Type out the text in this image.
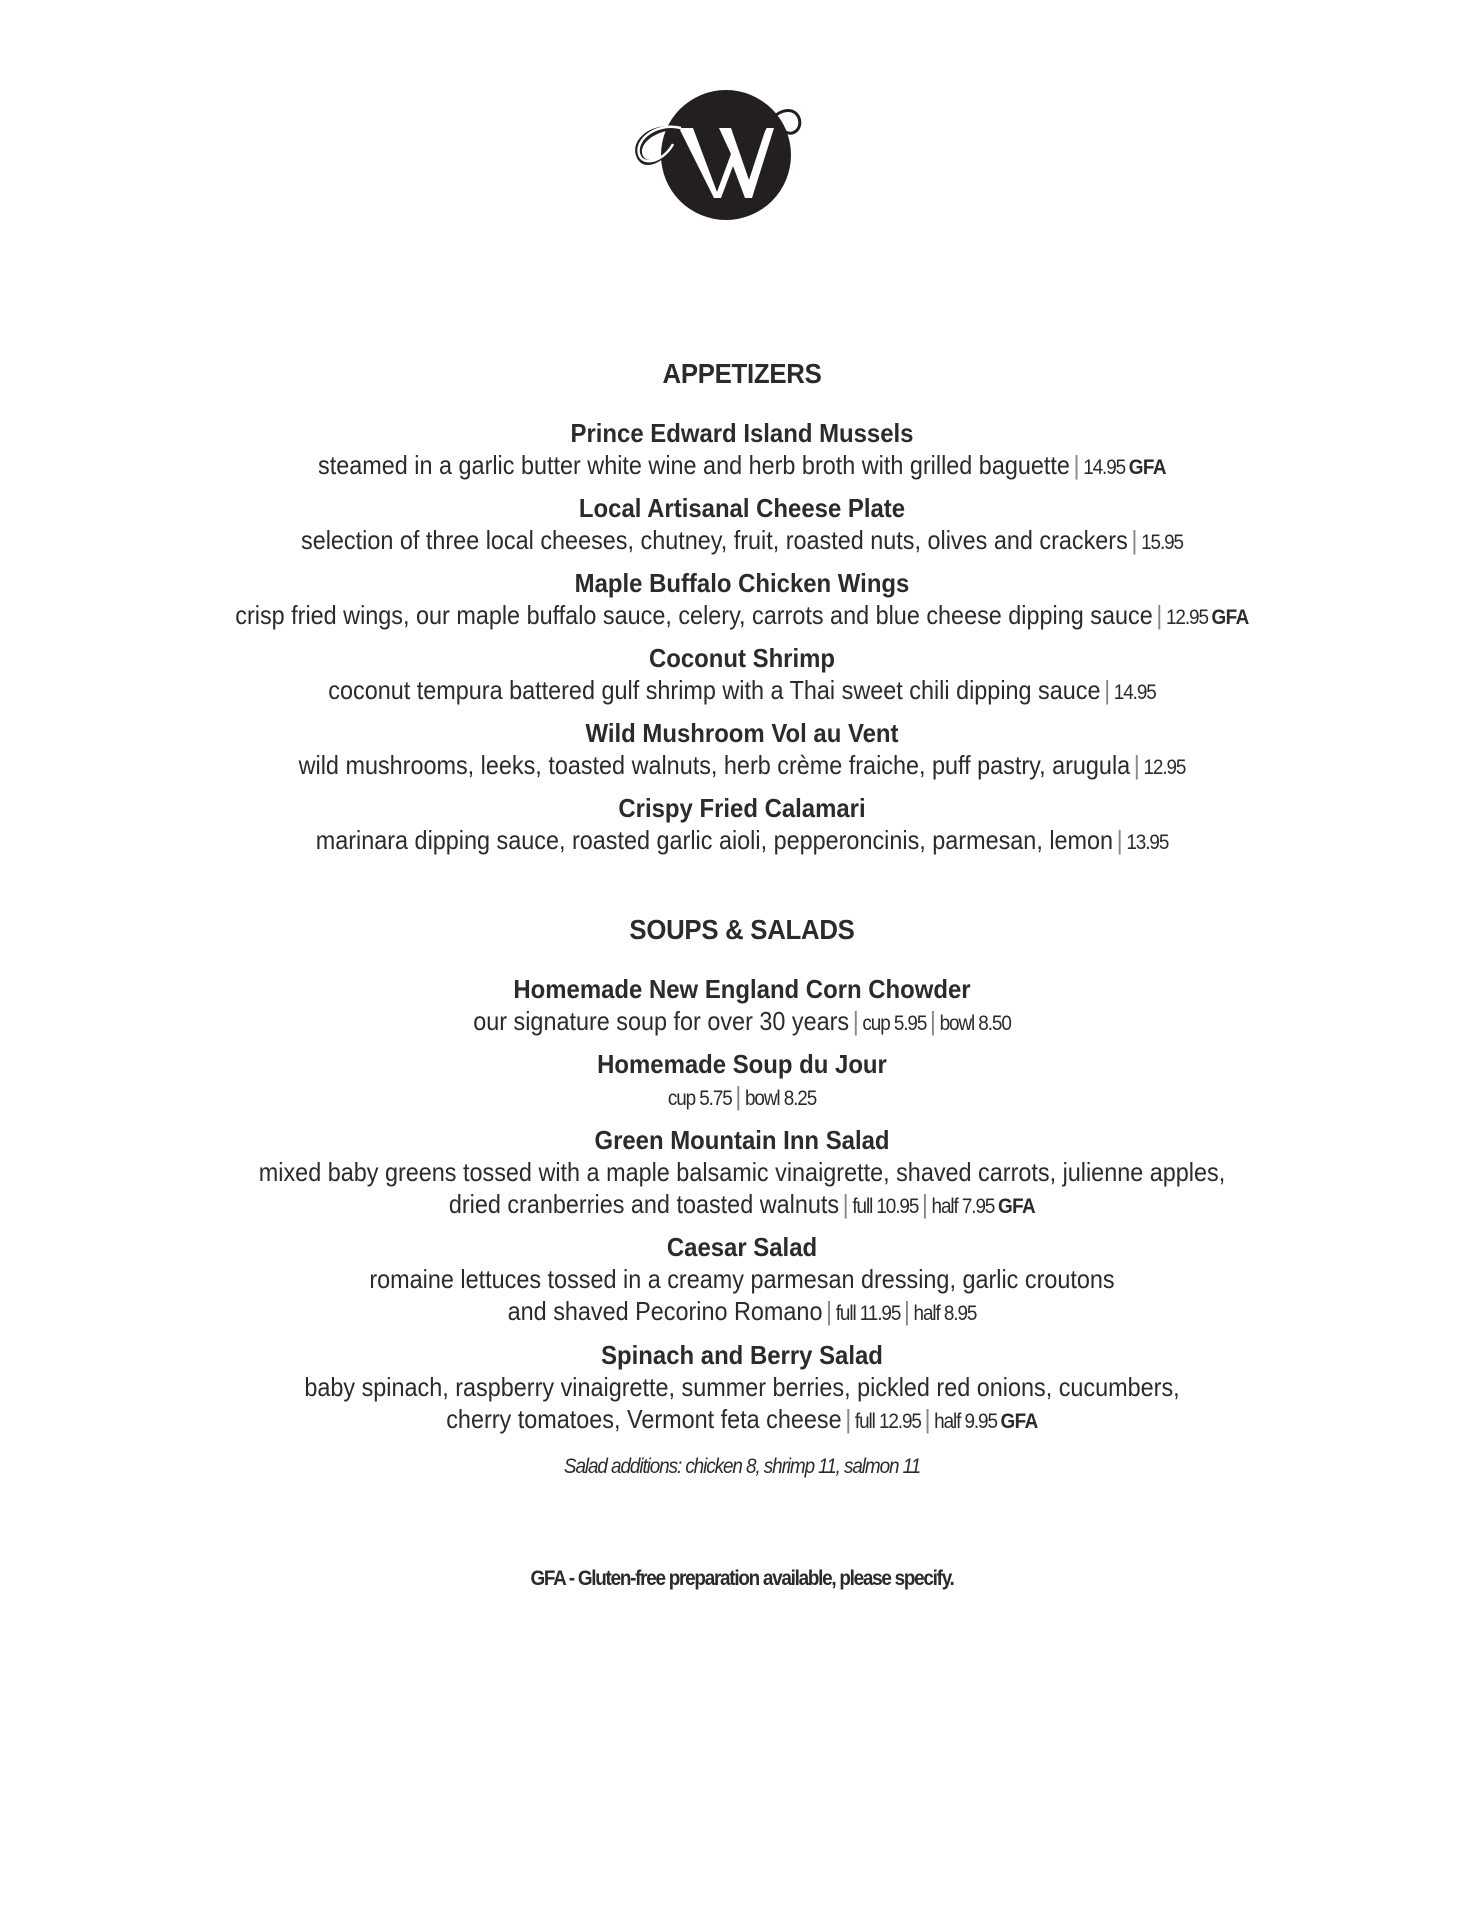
APPETIZERS
Prince Edward Island Mussels
steamed in a garlic butter white wine and herb broth with grilled baguette | 14.95 GFA
Local Artisanal Cheese Plate
selection of three local cheeses, chutney, fruit, roasted nuts, olives and crackers | 15.95
Maple Buffalo Chicken Wings
crisp fried wings, our maple buffalo sauce, celery, carrots and blue cheese dipping sauce | 12.95 GFA
Coconut Shrimp
coconut tempura battered gulf shrimp with a Thai sweet chili dipping sauce | 14.95
Wild Mushroom Vol au Vent
wild mushrooms, leeks, toasted walnuts, herb crème fraiche, puff pastry, arugula | 12.95
Crispy Fried Calamari
marinara dipping sauce, roasted garlic aioli, pepperoncinis, parmesan, lemon | 13.95
SOUPS & SALADS
Homemade New England Corn Chowder
our signature soup for over 30 years | cup 5.95 | bowl 8.50
Homemade Soup du Jour
cup 5.75 | bowl 8.25
Green Mountain Inn Salad
mixed baby greens tossed with a maple balsamic vinaigrette, shaved carrots, julienne apples,
dried cranberries and toasted walnuts | full 10.95 | half 7.95 GFA
Caesar Salad
romaine lettuces tossed in a creamy parmesan dressing, garlic croutons
and shaved Pecorino Romano | full 11.95 | half 8.95
Spinach and Berry Salad
baby spinach, raspberry vinaigrette, summer berries, pickled red onions, cucumbers,
cherry tomatoes, Vermont feta cheese | full 12.95 | half 9.95 GFA
Salad additions: chicken 8, shrimp 11, salmon 11
GFA - Gluten-free preparation available, please specify.
